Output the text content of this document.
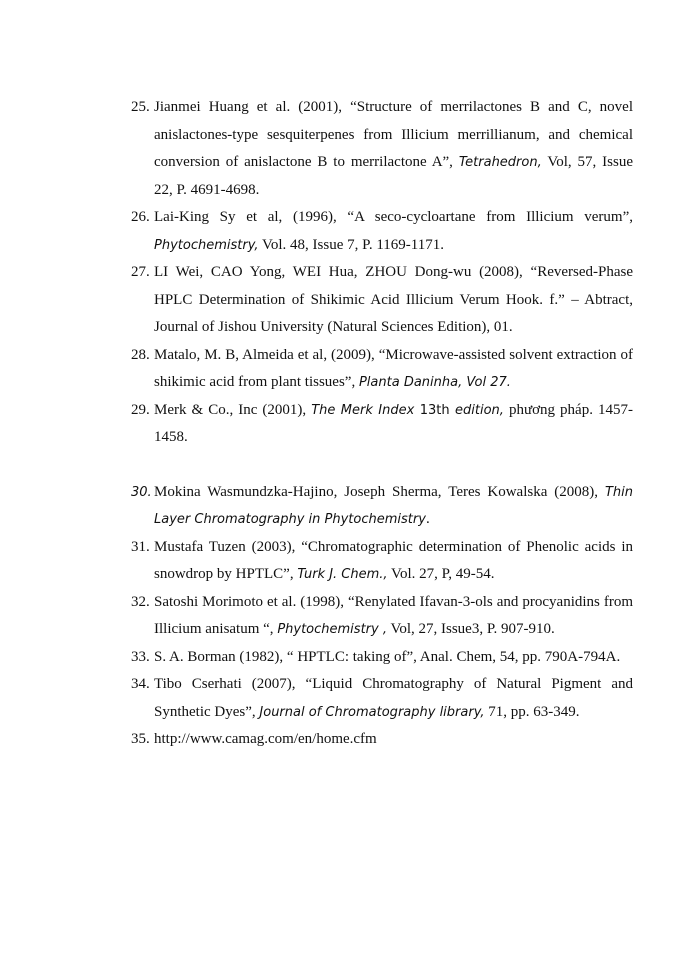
25. Jianmei Huang et al. (2001), “Structure of merrilactones B and C, novel anislactones-type sesquiterpenes from Illicium merrillianum, and chemical conversion of anislactone B to merrilactone A”, Tetrahedron, Vol, 57, Issue 22, P. 4691-4698.
26. Lai-King Sy et al, (1996), “A seco-cycloartane from Illicium verum”, Phytochemistry, Vol. 48, Issue 7, P. 1169-1171.
27. LI Wei, CAO Yong, WEI Hua, ZHOU Dong-wu (2008), “Reversed-Phase HPLC Determination of Shikimic Acid Illicium Verum Hook. f.” – Abtract, Journal of Jishou University (Natural Sciences Edition), 01.
28. Matalo, M. B, Almeida et al, (2009), “Microwave-assisted solvent extraction of shikimic acid from plant tissues”, Planta Daninha, Vol 27.
29. Merk & Co., Inc (2001), The Merk Index 13th edition, phương pháp. 1457-1458.
30. Mokina Wasmundzka-Hajino, Joseph Sherma, Teres Kowalska (2008), Thin Layer Chromatography in Phytochemistry.
31. Mustafa Tuzen (2003), “Chromatographic determination of Phenolic acids in snowdrop by HPTLC”, Turk J. Chem., Vol. 27, P, 49-54.
32. Satoshi Morimoto et al. (1998), “Renylated Ifavan-3-ols and procyanidins from Illicium anisatum “, Phytochemistry , Vol, 27, Issue3, P. 907-910.
33. S. A. Borman (1982), “ HPTLC: taking of”, Anal. Chem, 54, pp. 790A-794A.
34. Tibo Cserhati (2007), “Liquid Chromatography of Natural Pigment and Synthetic Dyes”, Journal of Chromatography library, 71, pp. 63-349.
35. http://www.camag.com/en/home.cfm
